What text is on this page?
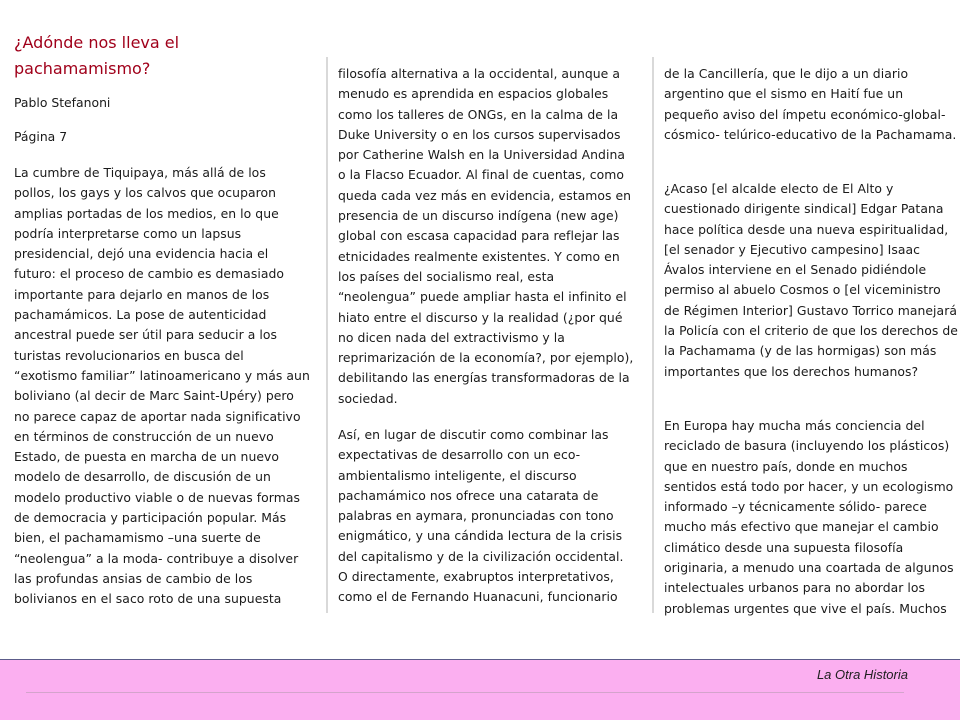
¿Adónde nos lleva el pachamamismo?

Pablo Stefanoni

Página 7

La cumbre de Tiquipaya, más allá de los pollos, los gays y los calvos que ocuparon amplias portadas de los medios, en lo que podría interpretarse como un lapsus presidencial, dejó una evidencia hacia el futuro: el proceso de cambio es demasiado importante para dejarlo en manos de los pachamámicos. La pose de autenticidad ancestral puede ser útil para seducir a los turistas revolucionarios en busca del “exotismo familiar” latinoamericano y más aun boliviano (al decir de Marc Saint-Upéry) pero no parece capaz de aportar nada significativo en términos de construcción de un nuevo Estado, de puesta en marcha de un nuevo modelo de desarrollo, de discusión de un modelo productivo viable o de nuevas formas de democracia y participación popular. Más bien, el pachamamismo –una suerte de “neolengua” a la moda- contribuye a disolver las profundas ansias de cambio de los bolivianos en el saco roto de una supuesta

filosofía alternativa a la occidental, aunque a menudo es aprendida en espacios globales como los talleres de ONGs, en la calma de la Duke University o en los cursos supervisados por Catherine Walsh en la Universidad Andina o la Flacso Ecuador. Al final de cuentas, como queda cada vez más en evidencia, estamos en presencia de un discurso indígena (new age) global con escasa capacidad para reflejar las etnicidades realmente existentes. Y como en los países del socialismo real, esta “neolengua” puede ampliar hasta el infinito el hiato entre el discurso y la realidad (¿por qué no dicen nada del extractivismo y la reprimarización de la economía?, por ejemplo), debilitando las energías transformadoras de la sociedad.

Así, en lugar de discutir como combinar las expectativas de desarrollo con un eco-ambientalismo inteligente, el discurso pachamámico nos ofrece una catarata de palabras en aymara, pronunciadas con tono enigmático, y una cándida lectura de la crisis del capitalismo y de la civilización occidental. O directamente, exabruptos interpretativos, como el de Fernando Huanacuni, funcionario

de la Cancillería, que le dijo a un diario argentino que el sismo en Haití fue un pequeño aviso del ímpetu económico-global-cósmico- telúrico-educativo de la Pachamama.

¿Acaso [el alcalde electo de El Alto y cuestionado dirigente sindical] Edgar Patana hace política desde una nueva espiritualidad, [el senador y Ejecutivo campesino] Isaac Ávalos interviene en el Senado pidiéndole permiso al abuelo Cosmos o [el viceministro de Régimen Interior] Gustavo Torrico manejará la Policía con el criterio de que los derechos de la Pachamama (y de las hormigas) son más importantes que los derechos humanos?

En Europa hay mucha más conciencia del reciclado de basura (incluyendo los plásticos) que en nuestro país, donde en muchos sentidos está todo por hacer, y un ecologismo informado –y técnicamente sólido- parece mucho más efectivo que manejar el cambio climático desde una supuesta filosofía originaria, a menudo una coartada de algunos intelectuales urbanos para no abordar los problemas urgentes que vive el país. Muchos

La Otra Historia
